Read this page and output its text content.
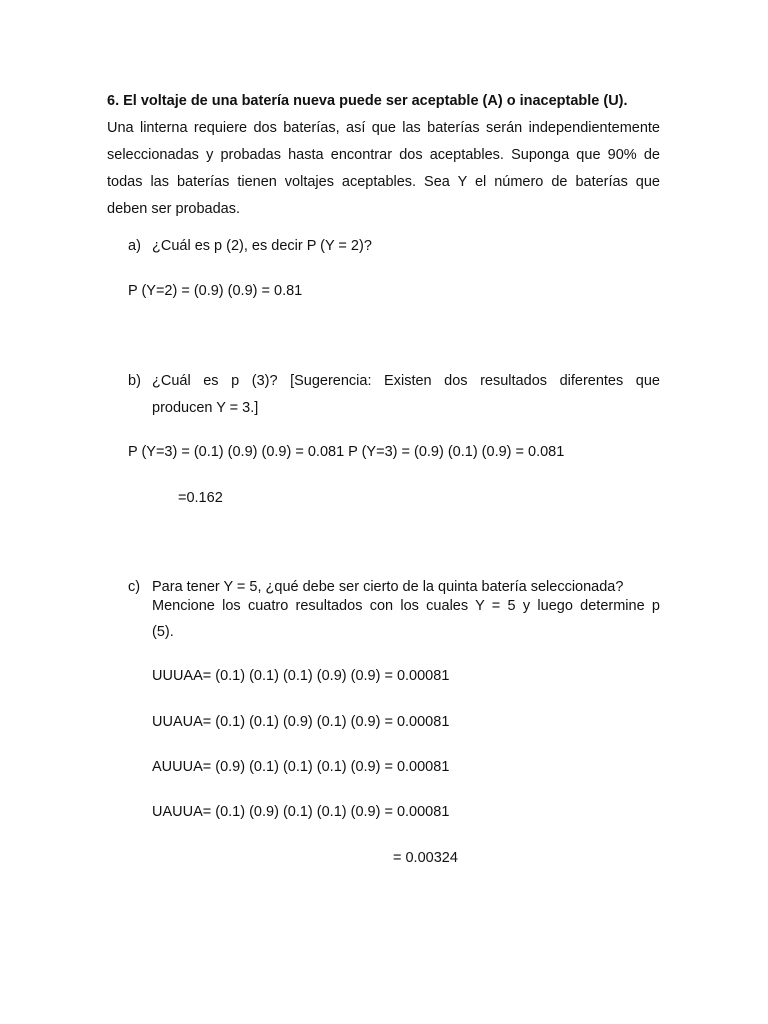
6. El voltaje de una batería nueva puede ser aceptable (A) o inaceptable (U).
Una linterna requiere dos baterías, así que las baterías serán independientemente
seleccionadas y probadas hasta encontrar dos aceptables. Suponga que 90% de
todas las baterías tienen voltajes aceptables. Sea Y el número de baterías que
deben ser probadas.
a) ¿Cuál es p (2), es decir P (Y = 2)?
P (Y=2) = (0.9) (0.9) = 0.81
b) ¿Cuál es p (3)? [Sugerencia: Existen dos resultados diferentes que
producen Y = 3.]
P (Y=3) = (0.1) (0.9) (0.9) = 0.081 P (Y=3) = (0.9) (0.1) (0.9) = 0.081
=0.162
c) Para tener Y = 5, ¿qué debe ser cierto de la quinta batería seleccionada?
Mencione los cuatro resultados con los cuales Y = 5 y luego determine p
(5).
UUUAA= (0.1) (0.1) (0.1) (0.9) (0.9) = 0.00081
UUAUA= (0.1) (0.1) (0.9) (0.1) (0.9) = 0.00081
AUUUA= (0.9) (0.1) (0.1) (0.1) (0.9) = 0.00081
UAUUA= (0.1) (0.9) (0.1) (0.1) (0.9) = 0.00081
= 0.00324
